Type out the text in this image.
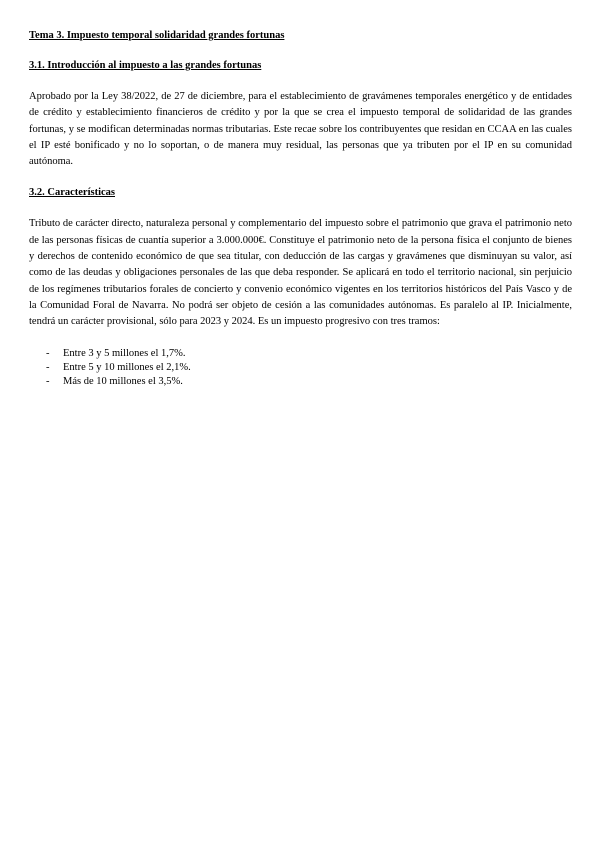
Tema 3. Impuesto temporal solidaridad grandes fortunas

3.1. Introducción al impuesto a las grandes fortunas

Aprobado por la Ley 38/2022, de 27 de diciembre, para el establecimiento de gravámenes temporales energético y de entidades de crédito y establecimiento financieros de crédito y por la que se crea el impuesto temporal de solidaridad de las grandes fortunas, y se modifican determinadas normas tributarias. Este recae sobre los contribuyentes que residan en CCAA en las cuales el IP esté bonificado y no lo soportan, o de manera muy residual, las personas que ya tributen por el IP en su comunidad autónoma.

3.2. Características

Tributo de carácter directo, naturaleza personal y complementario del impuesto sobre el patrimonio que grava el patrimonio neto de las personas físicas de cuantía superior a 3.000.000€. Constituye el patrimonio neto de la persona física el conjunto de bienes y derechos de contenido económico de que sea titular, con deducción de las cargas y gravámenes que disminuyan su valor, así como de las deudas y obligaciones personales de las que deba responder. Se aplicará en todo el territorio nacional, sin perjuicio de los regímenes tributarios forales de concierto y convenio económico vigentes en los territorios históricos del País Vasco y de la Comunidad Foral de Navarra. No podrá ser objeto de cesión a las comunidades autónomas. Es paralelo al IP. Inicialmente, tendrá un carácter provisional, sólo para 2023 y 2024. Es un impuesto progresivo con tres tramos:

- Entre 3 y 5 millones el 1,7%.
- Entre 5 y 10 millones el 2,1%.
- Más de 10 millones el 3,5%.
